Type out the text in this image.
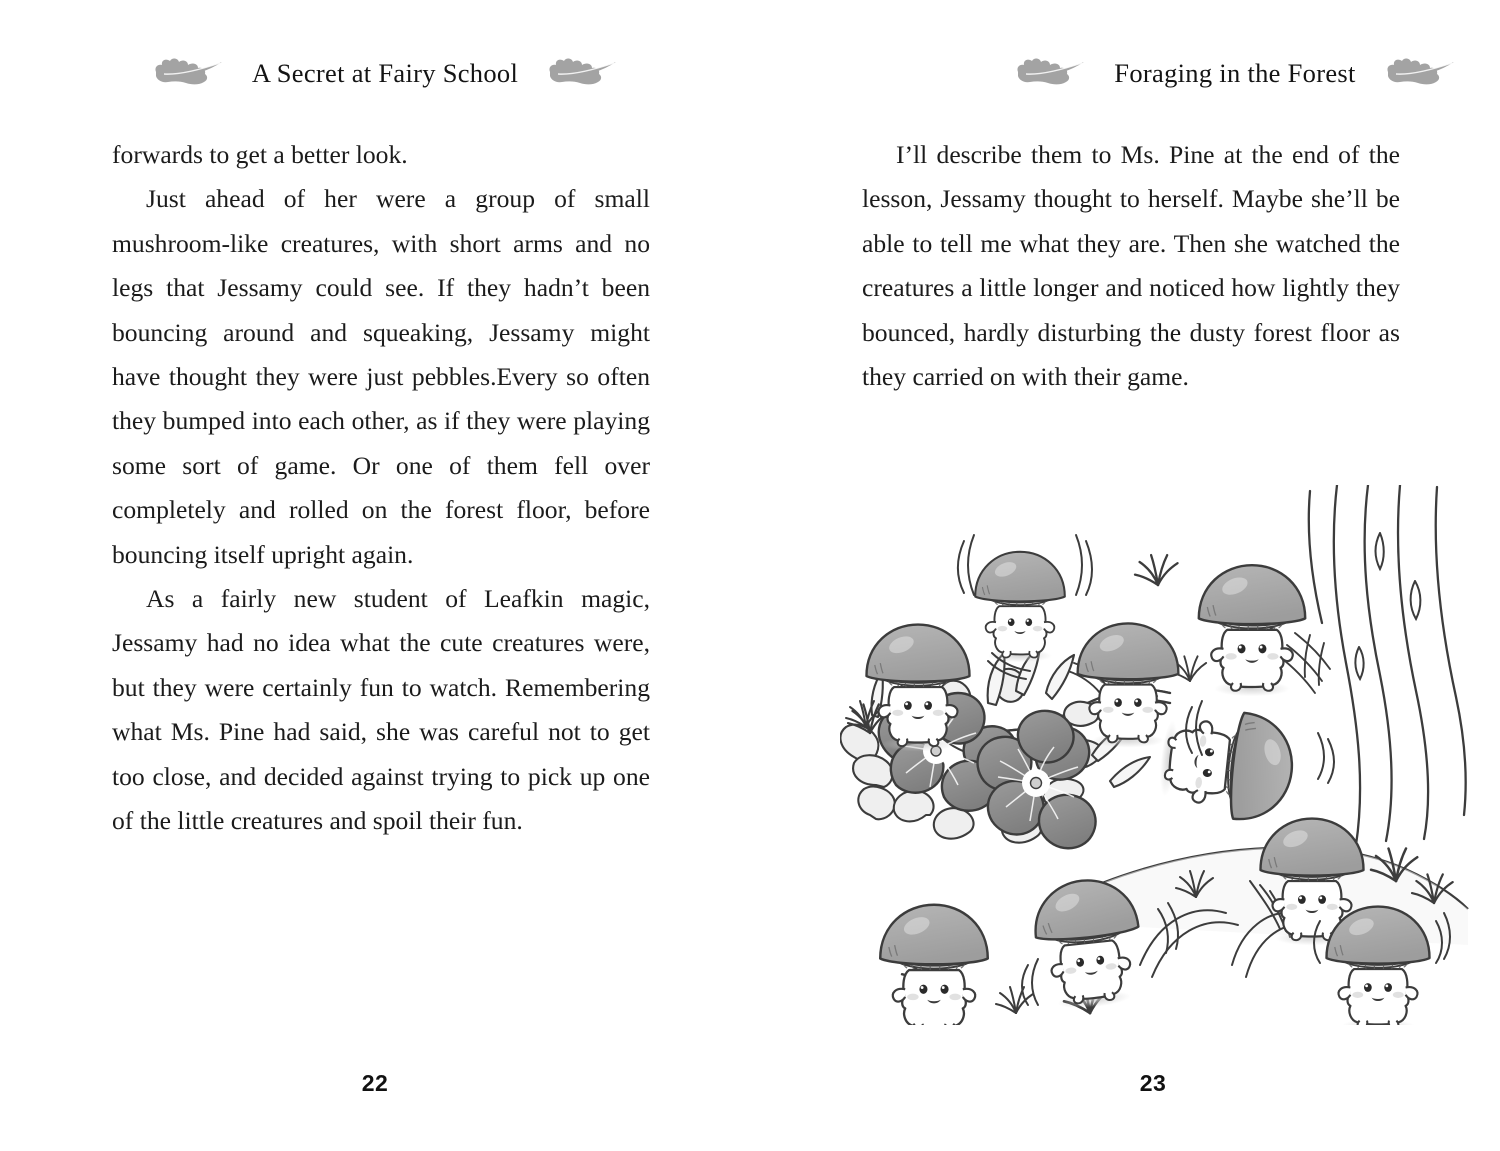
A Secret at Fairy School

forwards to get a better look.

Just ahead of her were a group of small mushroom-like creatures, with short arms and no legs that Jessamy could see. If they hadn’t been bouncing around and squeaking, Jessamy might have thought they were just pebbles.Every so often they bumped into each other, as if they were playing some sort of game. Or one of them fell over completely and rolled on the forest floor, before bouncing itself upright again.

As a fairly new student of Leafkin magic, Jessamy had no idea what the cute creatures were, but they were certainly fun to watch. Remembering what Ms. Pine had said, she was careful not to get too close, and decided against trying to pick up one of the little creatures and spoil their fun.

22
Foraging in the Forest

I’ll describe them to Ms. Pine at the end of the lesson, Jessamy thought to herself. Maybe she’ll be able to tell me what they are. Then she watched the creatures a little longer and noticed how lightly they bounced, hardly disturbing the dusty forest floor as they carried on with their game.

23
